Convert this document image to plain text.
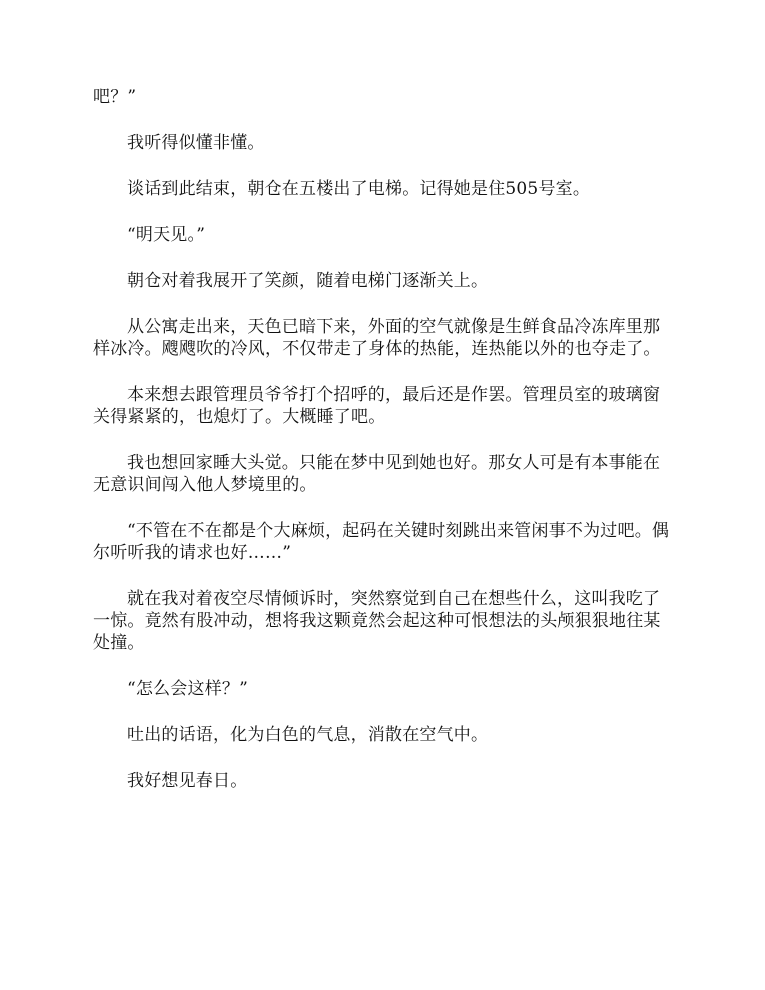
吧？”

我听得似懂非懂。

谈话到此结束，朝仓在五楼出了电梯。记得她是住505号室。

“明天见。”

朝仓对着我展开了笑颜，随着电梯门逐渐关上。

从公寓走出来，天色已暗下来，外面的空气就像是生鲜食品冷冻库里那样冰冷。飕飕吹的冷风，不仅带走了身体的热能，连热能以外的也夺走了。

本来想去跟管理员爷爷打个招呼的，最后还是作罢。管理员室的玻璃窗关得紧紧的，也熄灯了。大概睡了吧。

我也想回家睡大头觉。只能在梦中见到她也好。那女人可是有本事能在无意识间闯入他人梦境里的。

“不管在不在都是个大麻烦，起码在关键时刻跳出来管闲事不为过吧。偶尔听听我的请求也好……”

就在我对着夜空尽情倾诉时，突然察觉到自己在想些什么，这叫我吃了一惊。竟然有股冲动，想将我这颗竟然会起这种可恨想法的头颅狠狠地往某处撞。

“怎么会这样？”

吐出的话语，化为白色的气息，消散在空气中。

我好想见春日。
